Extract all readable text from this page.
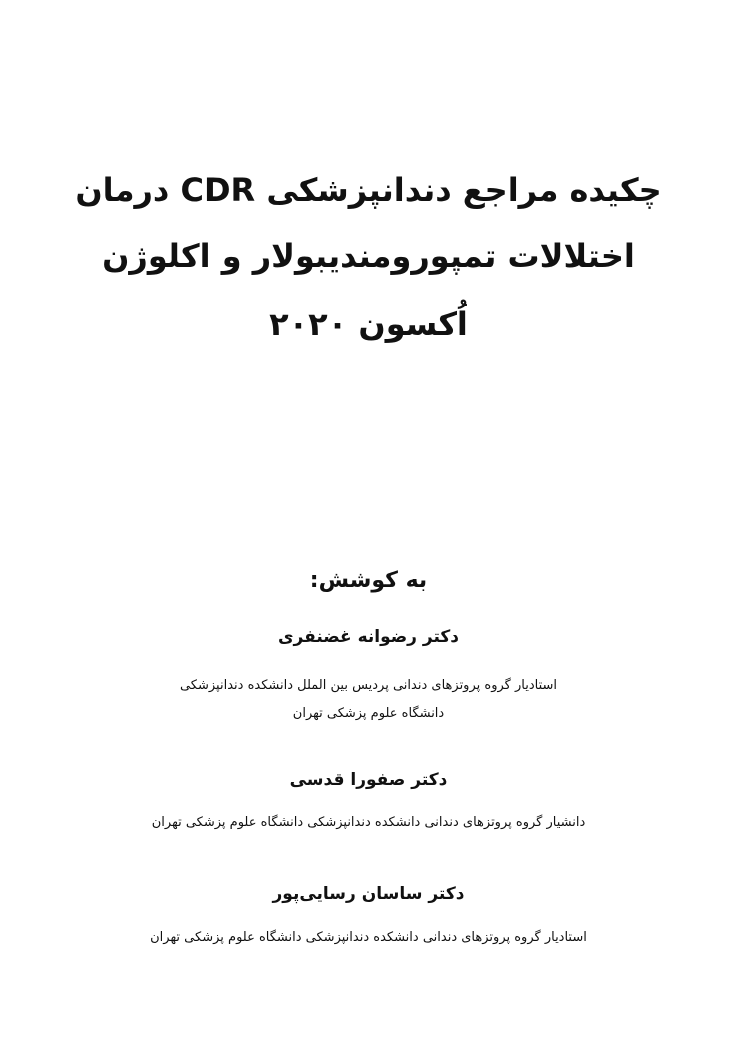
چکیده مراجع دندانپزشکی CDR درمان
اختلالات تمپورومندیبولار و اکلوژن
اُکسون ۲۰۲۰
به کوشش:
دکتر رضوانه غضنفری
استادیار گروه پروتزهای دندانی پردیس بین الملل دانشکده دندانپزشکی
دانشگاه علوم پزشکی تهران
دکتر صفورا قدسی
دانشیار گروه پروتزهای دندانی دانشکده دندانپزشکی دانشگاه علوم پزشکی تهران
دکتر ساسان رسایی‌پور
استادیار گروه پروتزهای دندانی دانشکده دندانپزشکی دانشگاه علوم پزشکی تهران
